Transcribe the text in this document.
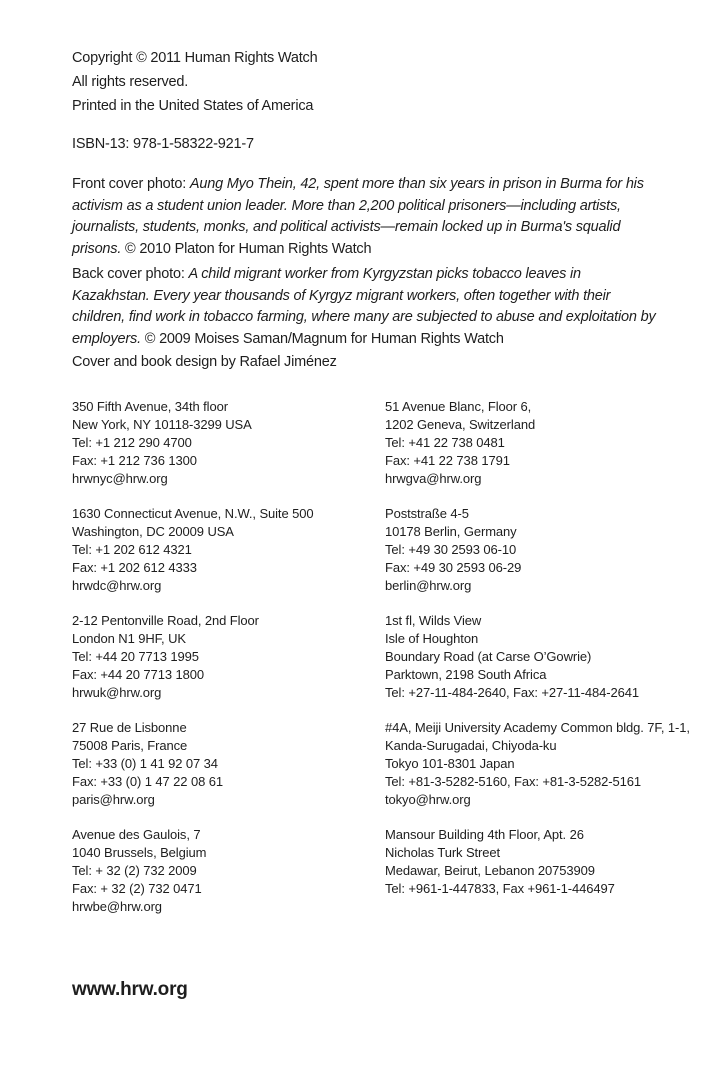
Copyright © 2011 Human Rights Watch
All rights reserved.
Printed in the United States of America
ISBN-13: 978-1-58322-921-7
Front cover photo: Aung Myo Thein, 42, spent more than six years in prison in Burma for his activism as a student union leader. More than 2,200 political prisoners—including artists, journalists, students, monks, and political activists—remain locked up in Burma's squalid prisons. © 2010 Platon for Human Rights Watch
Back cover photo: A child migrant worker from Kyrgyzstan picks tobacco leaves in Kazakhstan. Every year thousands of Kyrgyz migrant workers, often together with their children, find work in tobacco farming, where many are subjected to abuse and exploitation by employers. © 2009 Moises Saman/Magnum for Human Rights Watch
Cover and book design by Rafael Jiménez
350 Fifth Avenue, 34th floor
New York, NY 10118-3299 USA
Tel: +1 212 290 4700
Fax: +1 212 736 1300
hrwnyc@hrw.org
1630 Connecticut Avenue, N.W., Suite 500
Washington, DC 20009 USA
Tel: +1 202 612 4321
Fax: +1 202 612 4333
hrwdc@hrw.org
2-12 Pentonville Road, 2nd Floor
London N1 9HF, UK
Tel: +44 20 7713 1995
Fax: +44 20 7713 1800
hrwuk@hrw.org
27 Rue de Lisbonne
75008 Paris, France
Tel: +33 (0) 1 41 92 07 34
Fax: +33 (0) 1 47 22 08 61
paris@hrw.org
Avenue des Gaulois, 7
1040 Brussels, Belgium
Tel: + 32 (2) 732 2009
Fax: + 32 (2) 732 0471
hrwbe@hrw.org
51 Avenue Blanc, Floor 6,
1202 Geneva, Switzerland
Tel: +41 22 738 0481
Fax: +41 22 738 1791
hrwgva@hrw.org
Poststraße 4-5
10178 Berlin, Germany
Tel: +49 30 2593 06-10
Fax: +49 30 2593 06-29
berlin@hrw.org
1st fl, Wilds View
Isle of Houghton
Boundary Road (at Carse O’Gowrie)
Parktown, 2198 South Africa
Tel: +27-11-484-2640, Fax: +27-11-484-2641
#4A, Meiji University Academy Common bldg. 7F, 1-1,
Kanda-Surugadai, Chiyoda-ku
Tokyo 101-8301 Japan
Tel: +81-3-5282-5160, Fax: +81-3-5282-5161
tokyo@hrw.org
Mansour Building 4th Floor, Apt. 26
Nicholas Turk Street
Medawar, Beirut, Lebanon 20753909
Tel: +961-1-447833, Fax +961-1-446497
www.hrw.org
